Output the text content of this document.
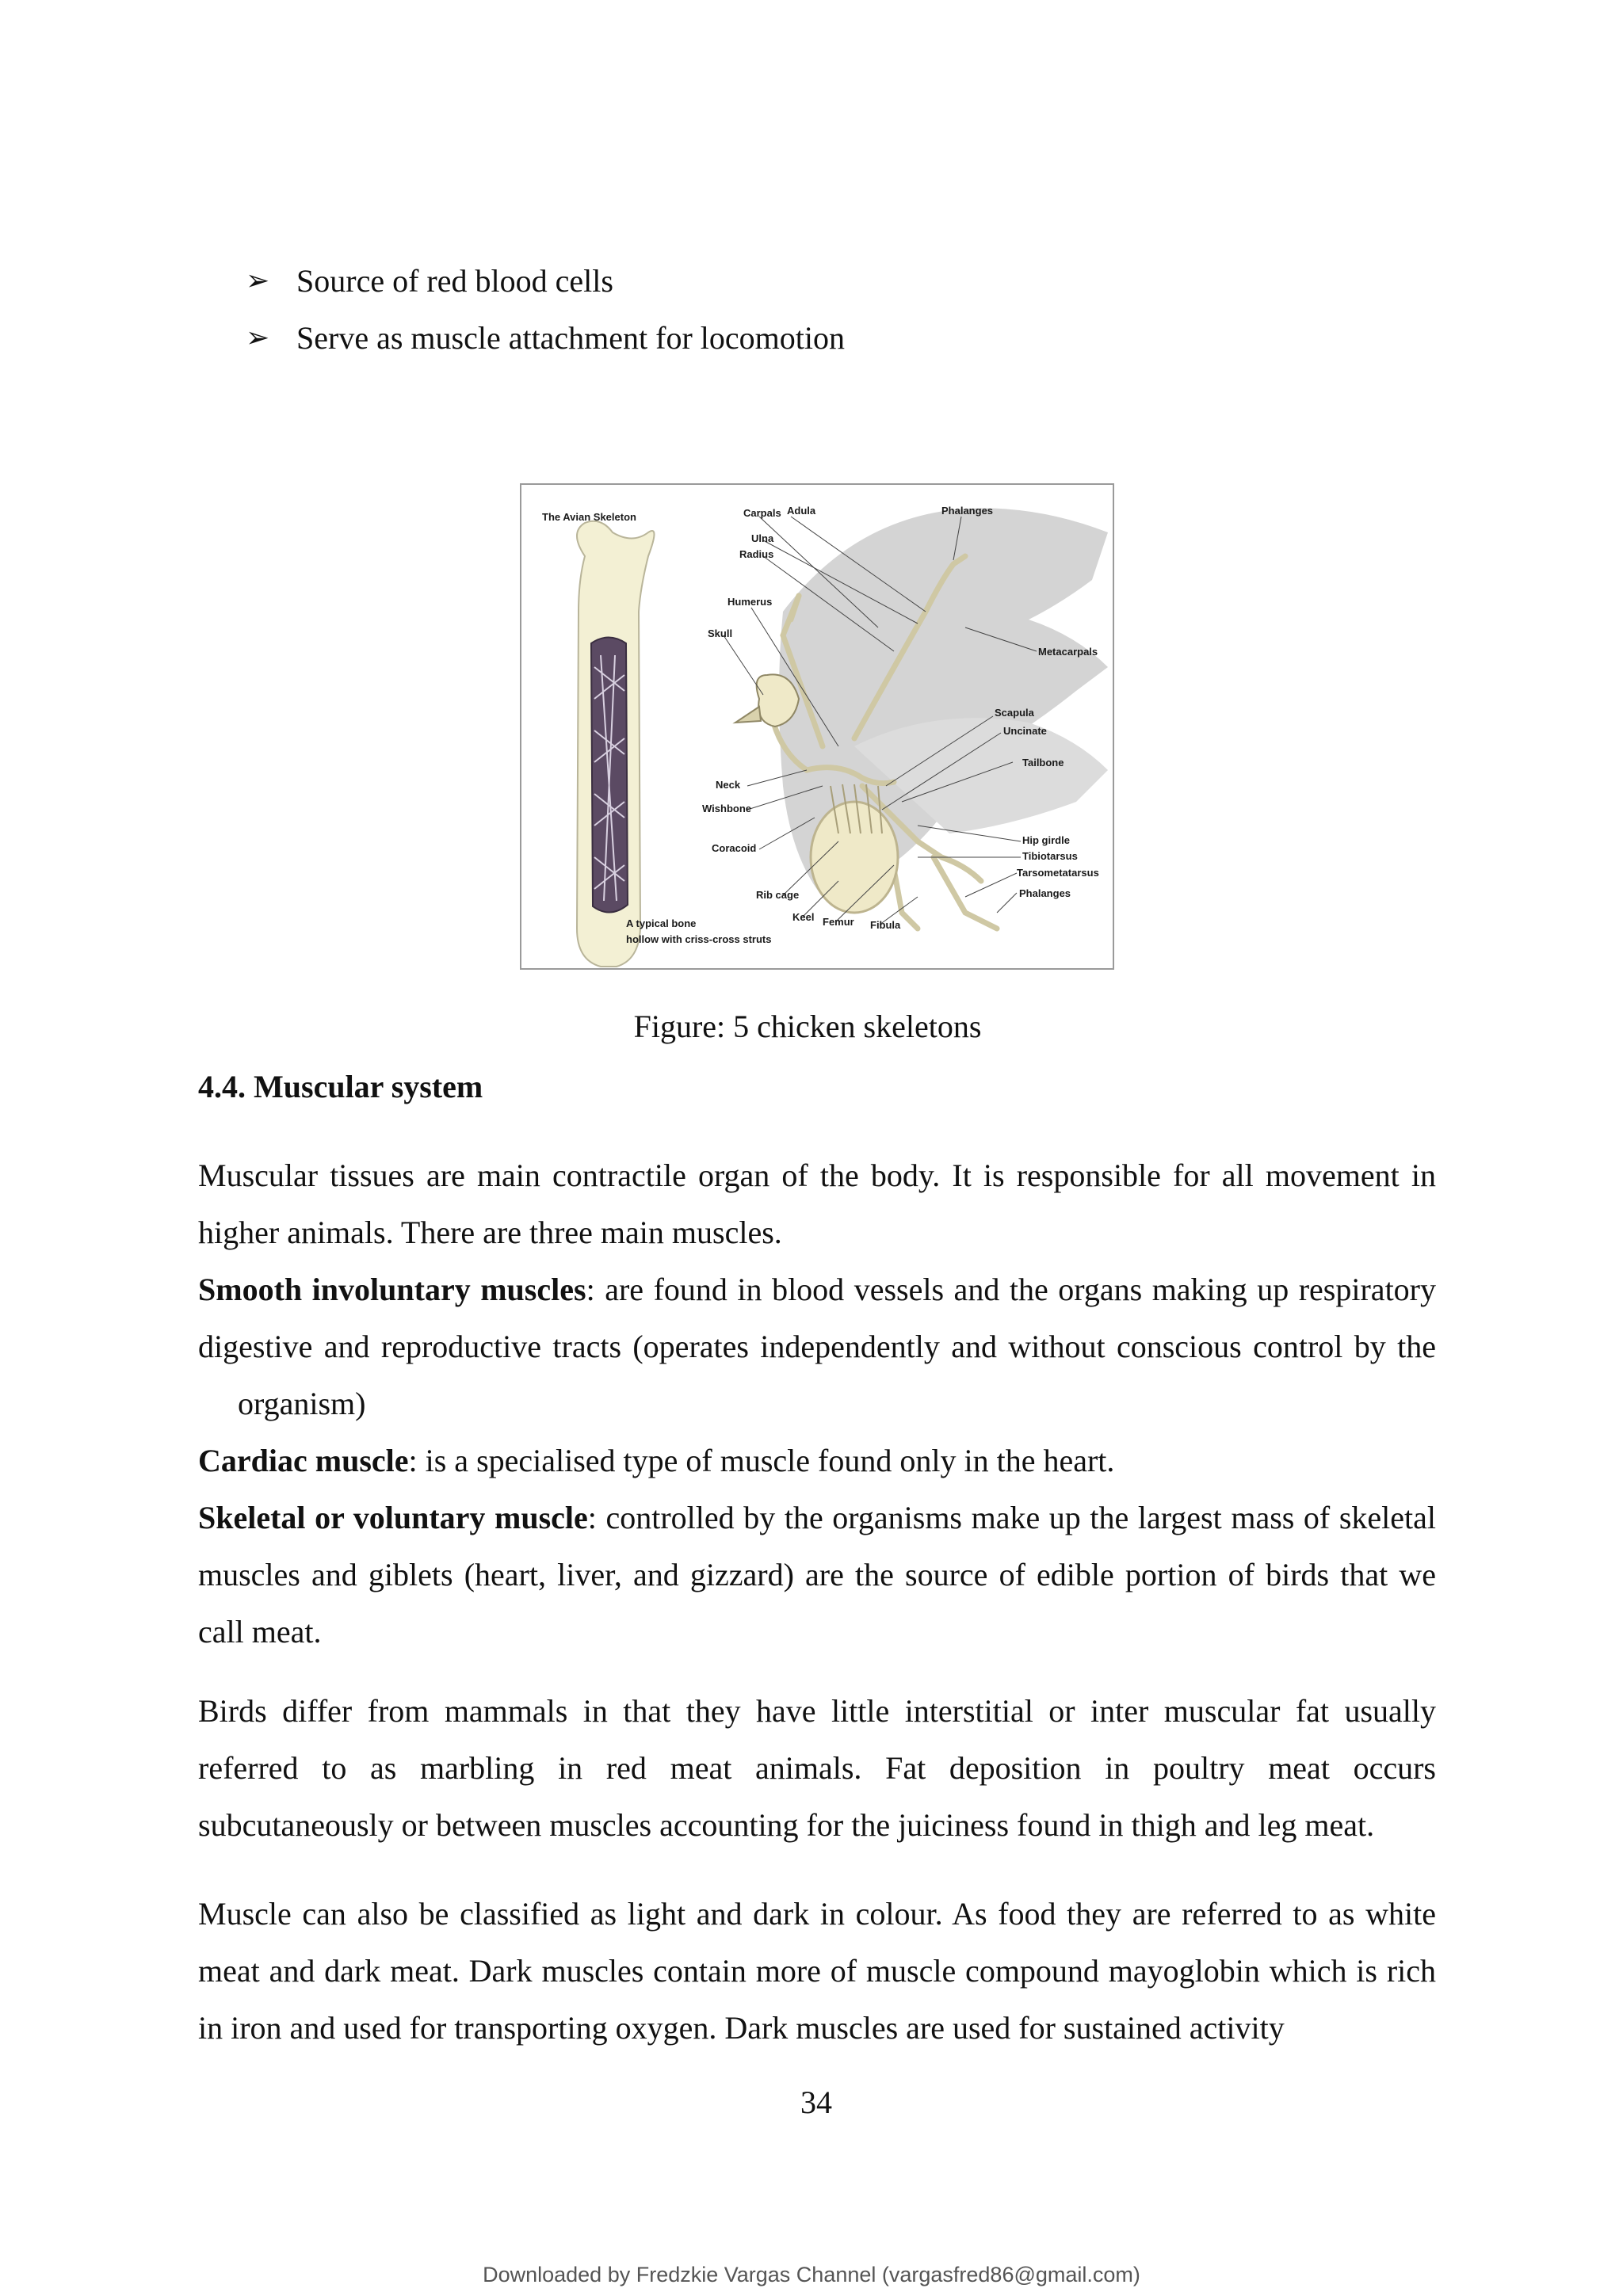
➢ Source of red blood cells
➢ Serve as muscle attachment for locomotion
The Avian Skeleton	Carpals Adula	Phalanges
Ulna
Radius
Humerus
Skull
Metacarpals
Scapula
Uncinate
Tailbone
Neck
Wishbone
Coracoid
Rib cage
Hip girdle
Tibiotarsus
Tarsometatarsus
Phalanges
Keel Femur Fibula
A typical bone
hollow with criss-cross struts
Figure: 5 chicken skeletons
4.4. Muscular system

Muscular tissues are main contractile organ of the body. It is responsible for all movement in higher animals. There are three main muscles.

Smooth involuntary muscles: are found in blood vessels and the organs making up respiratory digestive and reproductive tracts (operates independently and without conscious control by the      organism)

Cardiac muscle: is a specialised type of muscle found only in the heart.

Skeletal or voluntary muscle: controlled by the organisms make up the largest mass of skeletal muscles and giblets (heart, liver, and gizzard) are the source of edible portion of birds that we call meat.

Birds differ from mammals in that they have little interstitial or inter muscular fat usually referred to as marbling in red meat animals. Fat deposition in poultry meat occurs subcutaneously or between muscles accounting for the juiciness found in thigh and leg meat.

Muscle can also be classified as light and dark in colour. As food they are referred to as white meat and dark meat. Dark muscles contain more of muscle compound mayoglobin which is rich in iron and used for transporting oxygen. Dark muscles are used for sustained activity

34
Downloaded by Fredzkie Vargas Channel (vargasfred86@gmail.com)
